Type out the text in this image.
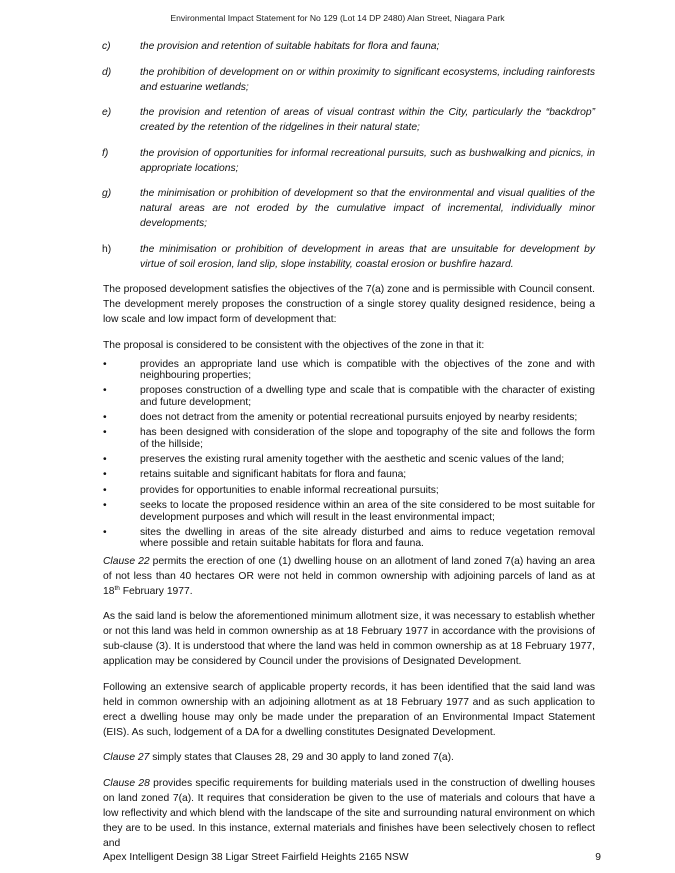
Environmental Impact Statement for No 129 (Lot 14 DP 2480) Alan Street, Niagara Park
c)	the provision and retention of suitable habitats for flora and fauna;
d)	the prohibition of development on or within proximity to significant ecosystems, including rainforests and estuarine wetlands;
e)	the provision and retention of areas of visual contrast within the City, particularly the “backdrop” created by the retention of the ridgelines in their natural state;
f)	the provision of opportunities for informal recreational pursuits, such as bushwalking and picnics, in appropriate locations;
g)	the minimisation or prohibition of development so that the environmental and visual qualities of the natural areas are not eroded by the cumulative impact of incremental, individually minor developments;
h)	the minimisation or prohibition of development in areas that are unsuitable for development by virtue of soil erosion, land slip, slope instability, coastal erosion or bushfire hazard.

The proposed development satisfies the objectives of the 7(a) zone and is permissible with Council consent. The development merely proposes the construction of a single storey quality designed residence, being a low scale and low impact form of development that:

The proposal is considered to be consistent with the objectives of the zone in that it:

•	provides an appropriate land use which is compatible with the objectives of the zone and with neighbouring properties;
•	proposes construction of a dwelling type and scale that is compatible with the character of existing and future development;
•	does not detract from the amenity or potential recreational pursuits enjoyed by nearby residents;
•	has been designed with consideration of the slope and topography of the site and follows the form of the hillside;
•	preserves the existing rural amenity together with the aesthetic and scenic values of the land;
•	retains suitable and significant habitats for flora and fauna;
•	provides for opportunities to enable informal recreational pursuits;
•	seeks to locate the proposed residence within an area of the site considered to be most suitable for development purposes and which will result in the least environmental impact;
•	sites the dwelling in areas of the site already disturbed and aims to reduce vegetation removal where possible and retain suitable habitats for flora and fauna.

Clause 22 permits the erection of one (1) dwelling house on an allotment of land zoned 7(a) having an area of not less than 40 hectares OR were not held in common ownership with adjoining parcels of land as at 18th February 1977.

As the said land is below the aforementioned minimum allotment size, it was necessary to establish whether or not this land was held in common ownership as at 18 February 1977 in accordance with the provisions of sub-clause (3). It is understood that where the land was held in common ownership as at 18 February 1977, application may be considered by Council under the provisions of Designated Development.

Following an extensive search of applicable property records, it has been identified that the said land was held in common ownership with an adjoining allotment as at 18 February 1977 and as such application to erect a dwelling house may only be made under the preparation of an Environmental Impact Statement (EIS). As such, lodgement of a DA for a dwelling constitutes Designated Development.

Clause 27 simply states that Clauses 28, 29 and 30 apply to land zoned 7(a).

Clause 28 provides specific requirements for building materials used in the construction of dwelling houses on land zoned 7(a). It requires that consideration be given to the use of materials and colours that have a low reflectivity and which blend with the landscape of the site and surrounding natural environment on which they are to be used. In this instance, external materials and finishes have been selectively chosen to reflect and

Apex Intelligent Design 38 Ligar Street Fairfield Heights 2165 NSW	9
